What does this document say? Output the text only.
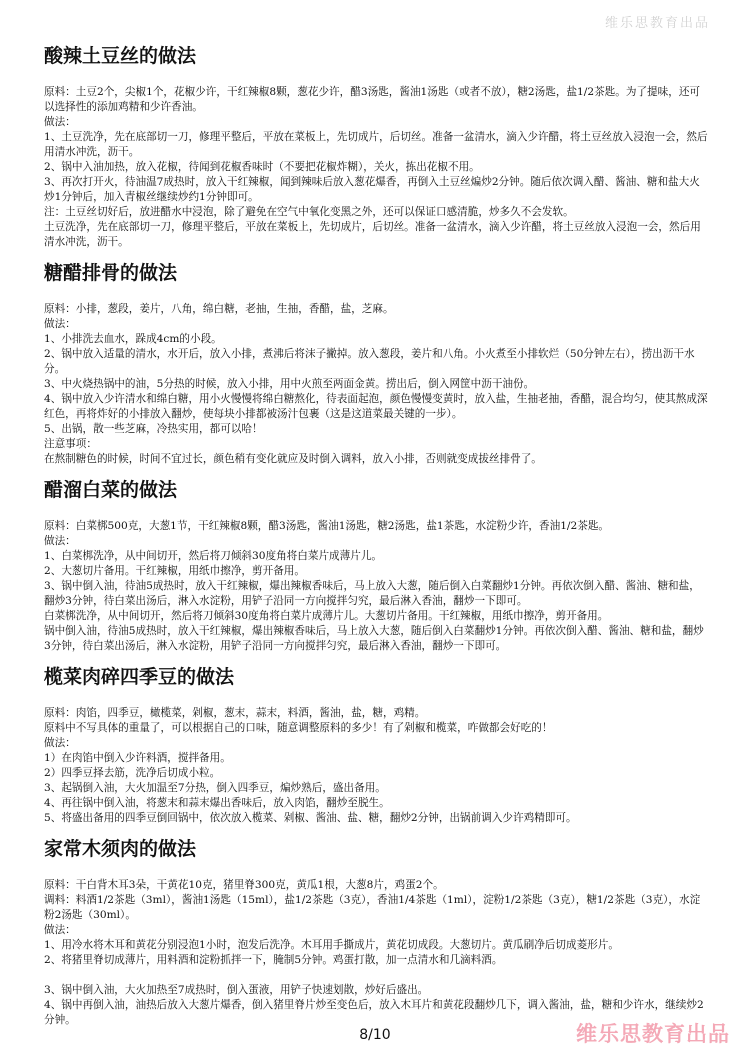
维乐思教育出品
酸辣土豆丝的做法

原料：土豆2个，尖椒1个，花椒少许，干红辣椒8颗，葱花少许，醋3汤匙，酱油1汤匙（或者不放），糖2汤匙，盐1/2茶匙。为了提味，还可以选择性的添加鸡精和少许香油。

做法：

1、土豆洗净，先在底部切一刀，修理平整后，平放在菜板上，先切成片，后切丝。准备一盆清水，滴入少许醋，将土豆丝放入浸泡一会，然后用清水冲洗，沥干。

2、锅中入油加热，放入花椒，待闻到花椒香味时（不要把花椒炸糊），关火，拣出花椒不用。

3、再次打开火，待油温7成热时，放入干红辣椒，闻到辣味后放入葱花爆香，再倒入土豆丝煸炒2分钟。随后依次调入醋、酱油、糖和盐大火炒1分钟后，加入青椒丝继续炒约1分钟即可。

注：土豆丝切好后，放进醋水中浸泡，除了避免在空气中氧化变黑之外，还可以保证口感清脆，炒多久不会发软。

土豆洗净，先在底部切一刀，修理平整后，平放在菜板上，先切成片，后切丝。准备一盆清水，滴入少许醋，将土豆丝放入浸泡一会，然后用清水冲洗，沥干。

糖醋排骨的做法

原料：小排，葱段，姜片，八角，绵白糖，老抽，生抽，香醋，盐，芝麻。

做法：

1、小排洗去血水，跺成4cm的小段。

2、锅中放入适量的清水，水开后，放入小排，煮沸后将沫子撇掉。放入葱段，姜片和八角。小火煮至小排软烂（50分钟左右），捞出沥干水分。

3、中火烧热锅中的油，5分热的时候，放入小排，用中火煎至两面金黄。捞出后，倒入网筐中沥干油份。

4、锅中放入少许清水和绵白糖，用小火慢慢将绵白糖熬化，待表面起泡，颜色慢慢变黄时，放入盐，生抽老抽，香醋，混合均匀，使其熬成深红色，再将炸好的小排放入翻炒，使每块小排都被汤汁包裹（这是这道菜最关键的一步）。

5、出锅，散一些芝麻，冷热实用，都可以哈！

注意事项：

在熬制糖色的时候，时间不宜过长，颜色稍有变化就应及时倒入调料，放入小排，否则就变成拔丝排骨了。

醋溜白菜的做法

原料：白菜梆500克，大葱1节，干红辣椒8颗，醋3汤匙，酱油1汤匙，糖2汤匙，盐1茶匙，水淀粉少许，香油1/2茶匙。

做法：

1、白菜梆洗净，从中间切开，然后将刀倾斜30度角将白菜片成薄片儿。

2、大葱切片备用。干红辣椒，用纸巾擦净，剪开备用。

3、锅中倒入油，待油5成热时，放入干红辣椒，爆出辣椒香味后，马上放入大葱，随后倒入白菜翻炒1分钟。再依次倒入醋、酱油、糖和盐，翻炒3分钟，待白菜出汤后，淋入水淀粉，用铲子沿同一方向搅拌匀究，最后淋入香油，翻炒一下即可。

白菜梆洗净，从中间切开，然后将刀倾斜30度角将白菜片成薄片儿。大葱切片备用。干红辣椒，用纸巾擦净，剪开备用。

锅中倒入油，待油5成热时，放入干红辣椒，爆出辣椒香味后，马上放入大葱，随后倒入白菜翻炒1分钟。再依次倒入醋、酱油、糖和盐，翻炒3分钟，待白菜出汤后，淋入水淀粉，用铲子沿同一方向搅拌匀究，最后淋入香油，翻炒一下即可。

榄菜肉碎四季豆的做法

原料：肉馅，四季豆，橄榄菜，剁椒，葱末，蒜末，料酒，酱油，盐，糖，鸡精。

原料中不写具体的重量了，可以根据自己的口味，随意调整原料的多少！有了剁椒和榄菜，咋做都会好吃的！

做法：

1）在肉馅中倒入少许料酒，搅拌备用。

2）四季豆择去筋，洗净后切成小粒。

3、起锅倒入油，大火加温至7分热，倒入四季豆，煸炒熟后，盛出备用。

4、再往锅中倒入油，将葱末和蒜末爆出香味后，放入肉馅，翻炒至脱生。

5、将盛出备用的四季豆倒回锅中，依次放入榄菜、剁椒、酱油、盐、糖，翻炒2分钟，出锅前调入少许鸡精即可。

家常木须肉的做法

原料：干白背木耳3朵，干黄花10克，猪里脊300克，黄瓜1根，大葱8片，鸡蛋2个。

调料：料酒1/2茶匙（3ml），酱油1汤匙（15ml），盐1/2茶匙（3克），香油1/4茶匙（1ml），淀粉1/2茶匙（3克），糖1/2茶匙（3克），水淀粉2汤匙（30ml）。

做法：

1、用冷水将木耳和黄花分别浸泡1小时，泡发后洗净。木耳用手撕成片，黄花切成段。大葱切片。黄瓜刷净后切成菱形片。

2、将猪里脊切成薄片，用料酒和淀粉抓拌一下，腌制5分钟。鸡蛋打散，加一点清水和几滴料酒。

3、锅中倒入油，大火加热至7成热时，倒入蛋液，用铲子快速划散，炒好后盛出。

4、锅中再倒入油，油热后放入大葱片爆香，倒入猪里脊片炒至变色后，放入木耳片和黄花段翻炒几下，调入酱油，盐，糖和少许水，继续炒2分钟。

8/10	维乐思教育出品
